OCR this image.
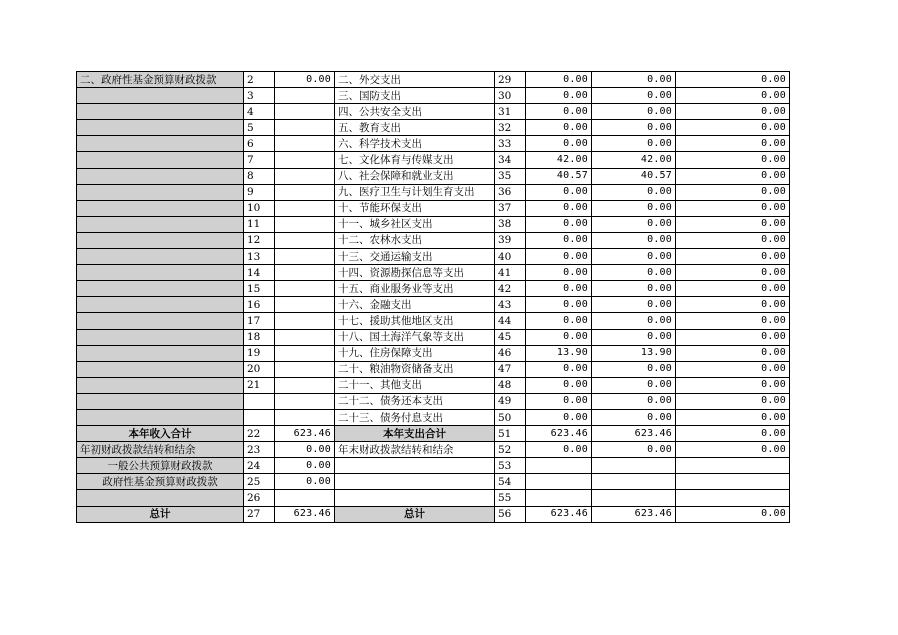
二、政府性基金预算财政拨款	2	0.00	二、外交支出	29	0.00	0.00	0.00
	3		三、国防支出	30	0.00	0.00	0.00
	4		四、公共安全支出	31	0.00	0.00	0.00
	5		五、教育支出	32	0.00	0.00	0.00
	6		六、科学技术支出	33	0.00	0.00	0.00
	7		七、文化体育与传媒支出	34	42.00	42.00	0.00
	8		八、社会保障和就业支出	35	40.57	40.57	0.00
	9		九、医疗卫生与计划生育支出	36	0.00	0.00	0.00
	10		十、节能环保支出	37	0.00	0.00	0.00
	11		十一、城乡社区支出	38	0.00	0.00	0.00
	12		十二、农林水支出	39	0.00	0.00	0.00
	13		十三、交通运输支出	40	0.00	0.00	0.00
	14		十四、资源勘探信息等支出	41	0.00	0.00	0.00
	15		十五、商业服务业等支出	42	0.00	0.00	0.00
	16		十六、金融支出	43	0.00	0.00	0.00
	17		十七、援助其他地区支出	44	0.00	0.00	0.00
	18		十八、国土海洋气象等支出	45	0.00	0.00	0.00
	19		十九、住房保障支出	46	13.90	13.90	0.00
	20		二十、粮油物资储备支出	47	0.00	0.00	0.00
	21		二十一、其他支出	48	0.00	0.00	0.00
			二十二、债务还本支出	49	0.00	0.00	0.00
			二十三、债务付息支出	50	0.00	0.00	0.00
本年收入合计	22	623.46	本年支出合计	51	623.46	623.46	0.00
年初财政拨款结转和结余	23	0.00	年末财政拨款结转和结余	52	0.00	0.00	0.00
一般公共预算财政拨款	24	0.00		53			
政府性基金预算财政拨款	25	0.00		54			
	26			55			
总计	27	623.46	总计	56	623.46	623.46	0.00
